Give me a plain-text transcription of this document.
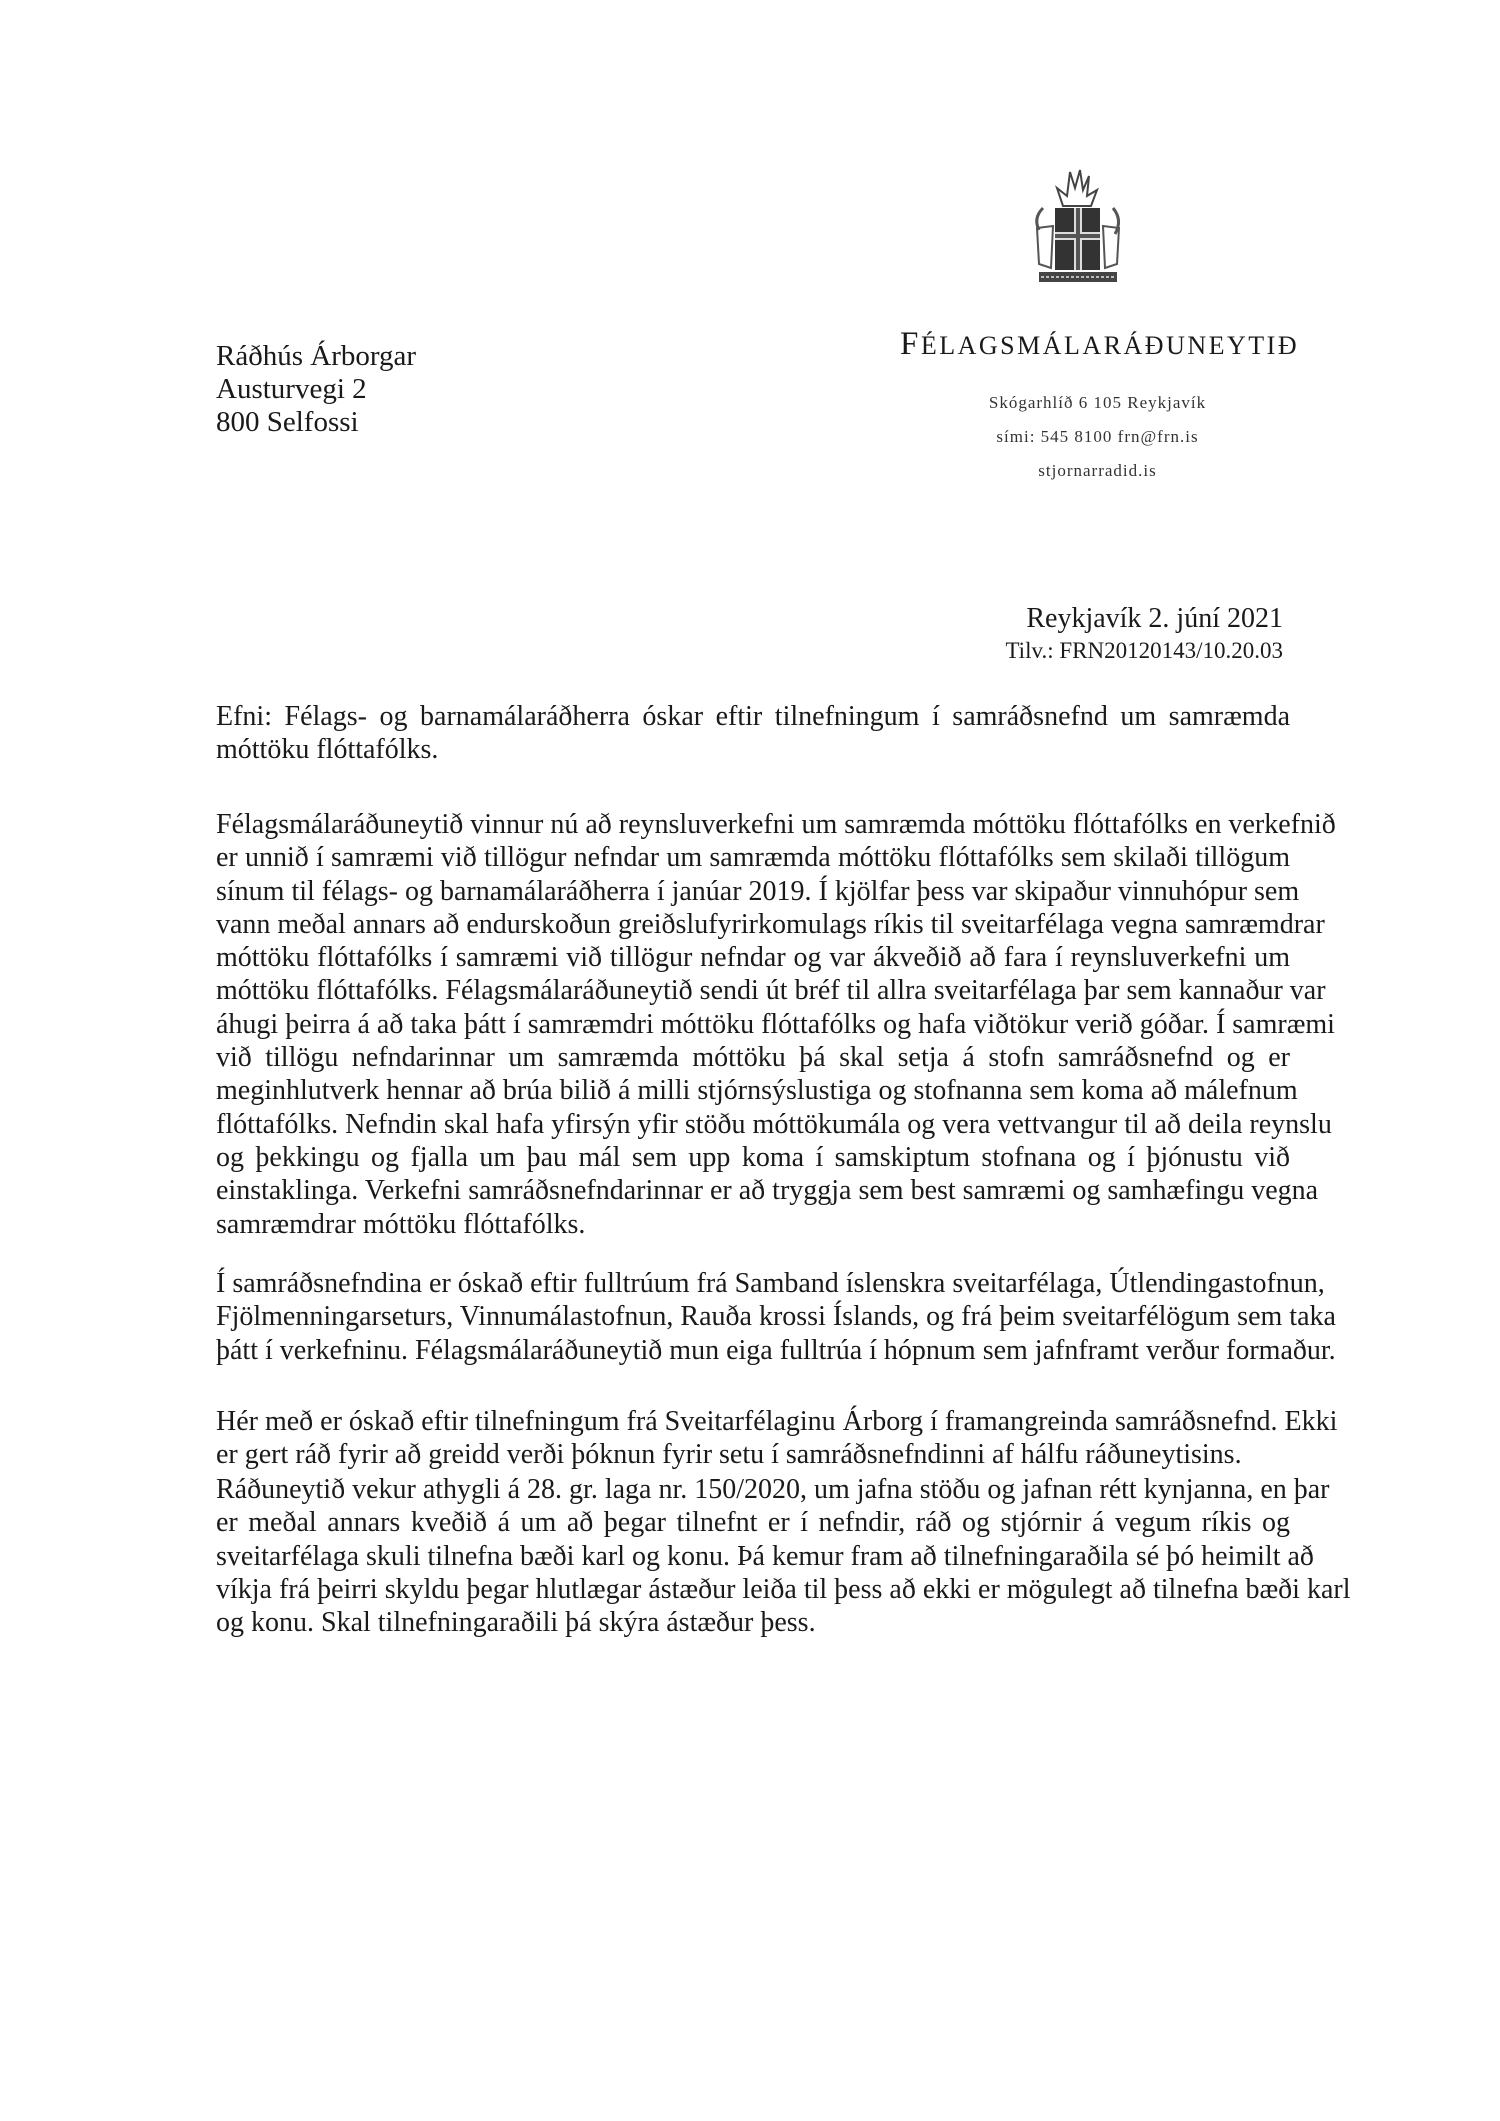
FÉLAGSMÁLARÁÐUNEYTIÐ
Skógarhlíð 6 105 Reykjavík
sími: 545 8100 frn@frn.is
stjornarradid.is
Ráðhús Árborgar
Austurvegi 2
800 Selfossi
Reykjavík 2. júní 2021
Tilv.: FRN20120143/10.20.03
Efni: Félags- og barnamálaráðherra óskar eftir tilnefningum í samráðsnefnd um samræmda
móttöku flóttafólks.
Félagsmálaráðuneytið vinnur nú að reynsluverkefni um samræmda móttöku flóttafólks en verkefnið
er unnið í samræmi við tillögur nefndar um samræmda móttöku flóttafólks sem skilaði tillögum
sínum til félags- og barnamálaráðherra í janúar 2019. Í kjölfar þess var skipaður vinnuhópur sem
vann meðal annars að endurskoðun greiðslufyrirkomulags ríkis til sveitarfélaga vegna samræmdrar
móttöku flóttafólks í samræmi við tillögur nefndar og var ákveðið að fara í reynsluverkefni um
móttöku flóttafólks. Félagsmálaráðuneytið sendi út bréf til allra sveitarfélaga þar sem kannaður var
áhugi þeirra á að taka þátt í samræmdri móttöku flóttafólks og hafa viðtökur verið góðar. Í samræmi
við tillögu nefndarinnar um samræmda móttöku þá skal setja á stofn samráðsnefnd og er
meginhlutverk hennar að brúa bilið á milli stjórnsýslustiga og stofnanna sem koma að málefnum
flóttafólks. Nefndin skal hafa yfirsýn yfir stöðu móttökumála og vera vettvangur til að deila reynslu
og þekkingu og fjalla um þau mál sem upp koma í samskiptum stofnana og í þjónustu við
einstaklinga. Verkefni samráðsnefndarinnar er að tryggja sem best samræmi og samhæfingu vegna
samræmdrar móttöku flóttafólks.
Í samráðsnefndina er óskað eftir fulltrúum frá Samband íslenskra sveitarfélaga, Útlendingastofnun,
Fjölmenningarseturs, Vinnumálastofnun, Rauða krossi Íslands, og frá þeim sveitarfélögum sem taka
þátt í verkefninu. Félagsmálaráðuneytið mun eiga fulltrúa í hópnum sem jafnframt verður formaður.
Hér með er óskað eftir tilnefningum frá Sveitarfélaginu Árborg í framangreinda samráðsnefnd. Ekki
er gert ráð fyrir að greidd verði þóknun fyrir setu í samráðsnefndinni af hálfu ráðuneytisins.
Ráðuneytið vekur athygli á 28. gr. laga nr. 150/2020, um jafna stöðu og jafnan rétt kynjanna, en þar
er meðal annars kveðið á um að þegar tilnefnt er í nefndir, ráð og stjórnir á vegum ríkis og
sveitarfélaga skuli tilnefna bæði karl og konu. Þá kemur fram að tilnefningaraðila sé þó heimilt að
víkja frá þeirri skyldu þegar hlutlægar ástæður leiða til þess að ekki er mögulegt að tilnefna bæði karl
og konu. Skal tilnefningaraðili þá skýra ástæður þess.
